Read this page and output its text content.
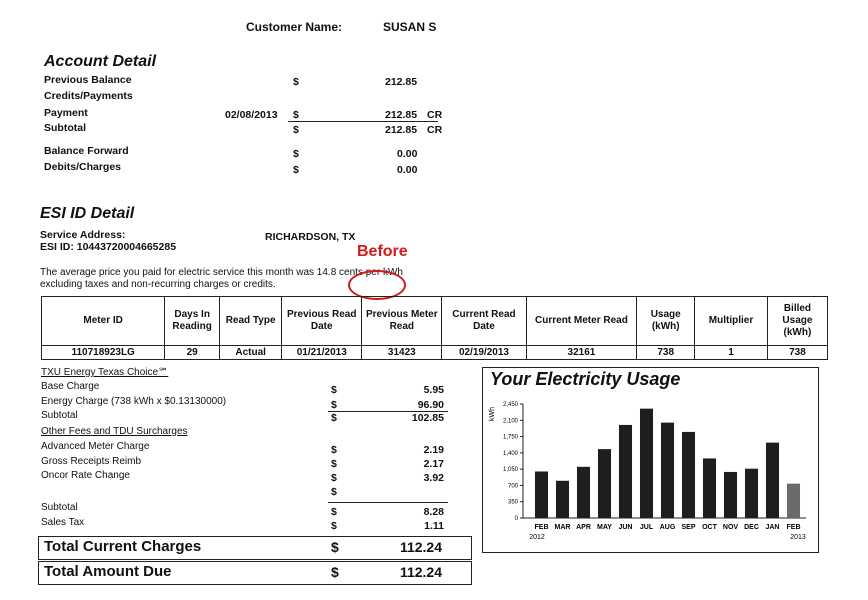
Customer Name:	SUSAN S
Account Detail
Previous Balance	$	212.85
Credits/Payments
Payment	02/08/2013 $	212.85 CR
Subtotal	$	212.85 CR
Balance Forward	$	0.00
Debits/Charges	$	0.00
ESI ID Detail
Service Address:	RICHARDSON, TX
ESI ID: 10443720004665285	Before
The average price you paid for electric service this month was 14.8 cents per kWh
excluding taxes and non-recurring charges or credits.
Meter ID	Days In Reading	Read Type	Previous Read Date	Previous Meter Read	Current Read Date	Current Meter Read	Usage (kWh)	Multiplier	Billed Usage (kWh)
110718923LG	29	Actual	01/21/2013	31423	02/19/2013	32161	738	1	738
TXU Energy Texas Choice℠
Base Charge	$	5.95
Energy Charge (738 kWh x $0.13130000)	$	96.90
Subtotal	$	102.85
Other Fees and TDU Surcharges
Advanced Meter Charge	$	2.19
Gross Receipts Reimb	$	2.17
Oncor Rate Change	$	3.92
$
Subtotal	$	8.28
Sales Tax	$	1.11
Total Current Charges	$	112.24
Total Amount Due	$	112.24
Your Electricity Usage
kWh
2,450
2,100
1,750
1,400
1,050
700
350
0
FEB MAR APR MAY JUN JUL AUG SEP OCT NOV DEC JAN FEB
2012	2013
